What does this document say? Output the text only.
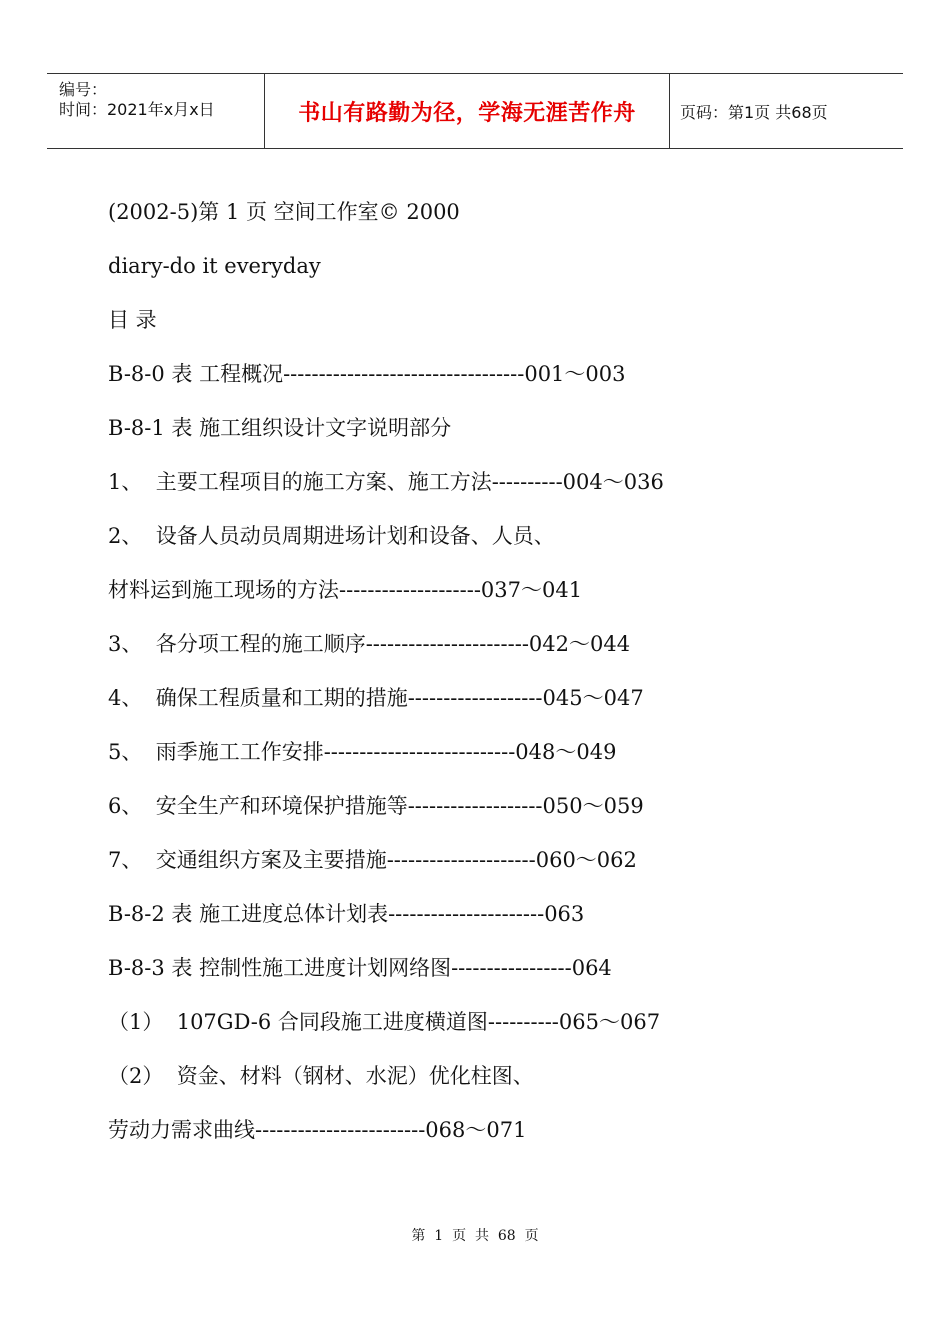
编号：
时间：2021年x月x日	书山有路勤为径，学海无涯苦作舟	页码：第1页 共68页
(2002-5)第 1 页 空间工作室© 2000
diary-do it everyday
目 录
B-8-0 表 工程概况----------------------------------001～003
B-8-1 表 施工组织设计文字说明部分
1、  主要工程项目的施工方案、施工方法----------004～036
2、  设备人员动员周期进场计划和设备、人员、
材料运到施工现场的方法--------------------037～041
3、  各分项工程的施工顺序-----------------------042～044
4、  确保工程质量和工期的措施-------------------045～047
5、  雨季施工工作安排---------------------------048～049
6、  安全生产和环境保护措施等-------------------050～059
7、  交通组织方案及主要措施---------------------060～062
B-8-2 表 施工进度总体计划表----------------------063
B-8-3 表 控制性施工进度计划网络图-----------------064
（1）  107GD-6 合同段施工进度横道图----------065～067
（2）  资金、材料（钢材、水泥）优化柱图、
劳动力需求曲线------------------------068～071
第  1  页  共  68  页
